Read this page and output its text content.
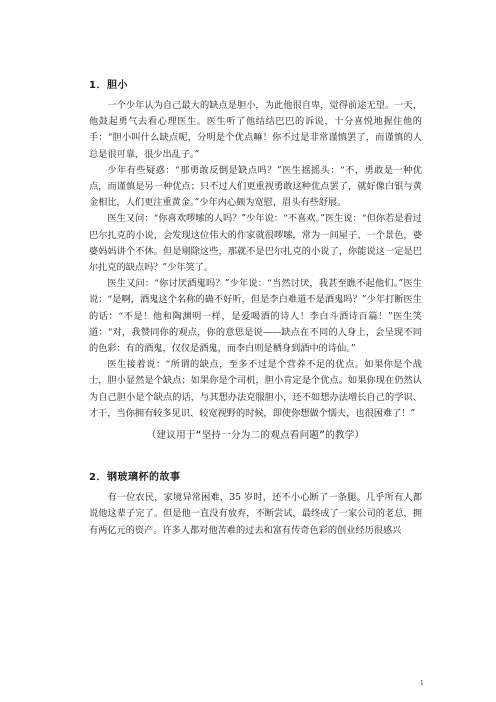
1．胆小

一个少年认为自己最大的缺点是胆小，为此他很自卑，觉得前途无望。一天，他鼓起勇气去看心理医生。医生听了他结结巴巴的诉说，十分喜悦地握住他的手：“胆小叫什么缺点呢，分明是个优点嘛！你不过是非常谨慎罢了，而谨慎的人总是很可靠，很少出乱子。”

少年有些疑惑：“那勇敢反倒是缺点吗？”医生摇摇头：“不，勇敢是一种优点，而谨慎是另一种优点；只不过人们更重视勇敢这种优点罢了，就好像白银与黄金相比，人们更注重黄金。”少年内心颇为宽慰，眉头有些舒展。

医生又问：“你喜欢啰嗦的人吗？”少年说：“不喜欢。”医生说：“但你若是看过巴尔扎克的小说，会发现这位伟大的作家就很啰嗦，常为一间屋子、一个景色，婆婆妈妈讲个不休。但是剔除这些，那就不是巴尔扎克的小说了，你能说这一定是巴尔扎克的缺点吗？”少年笑了。

医生又问：“你讨厌酒鬼吗？”少年说：“当然讨厌，我甚至瞧不起他们。”医生说：“是啊，酒鬼这个名称的确不好听，但是李白难道不是酒鬼吗？”少年打断医生的话：“不是！他和陶渊明一样，是爱喝酒的诗人！李白斗酒诗百篇！”医生笑道：“对，我赞同你的观点，你的意思是说——缺点在不同的人身上，会呈现不同的色彩：有的酒鬼，仅仅是酒鬼，而李白则是栖身到酒中的诗仙。”

医生接着说：“所谓的缺点，至多不过是个营养不足的优点。如果你是个战士，胆小显然是个缺点；如果你是个司机，胆小肯定是个优点。如果你现在仍然认为自己胆小是个缺点的话，与其想办法克服胆小，还不如想办法增长自己的学识、才干，当你拥有较多见识、较宽视野的时候，即使你想做个懦夫，也很困难了！”

（建议用于“坚持一分为二的观点看问题”的教学）

2．钢玻璃杯的故事

有一位农民，家境异常困难，35 岁时，还不小心断了一条腿。几乎所有人都说他这辈子完了。但是他一直没有放弃，不断尝试，最终成了一家公司的老总，拥有两亿元的资产。许多人都对他苦难的过去和富有传奇色彩的创业经历很感兴

1
